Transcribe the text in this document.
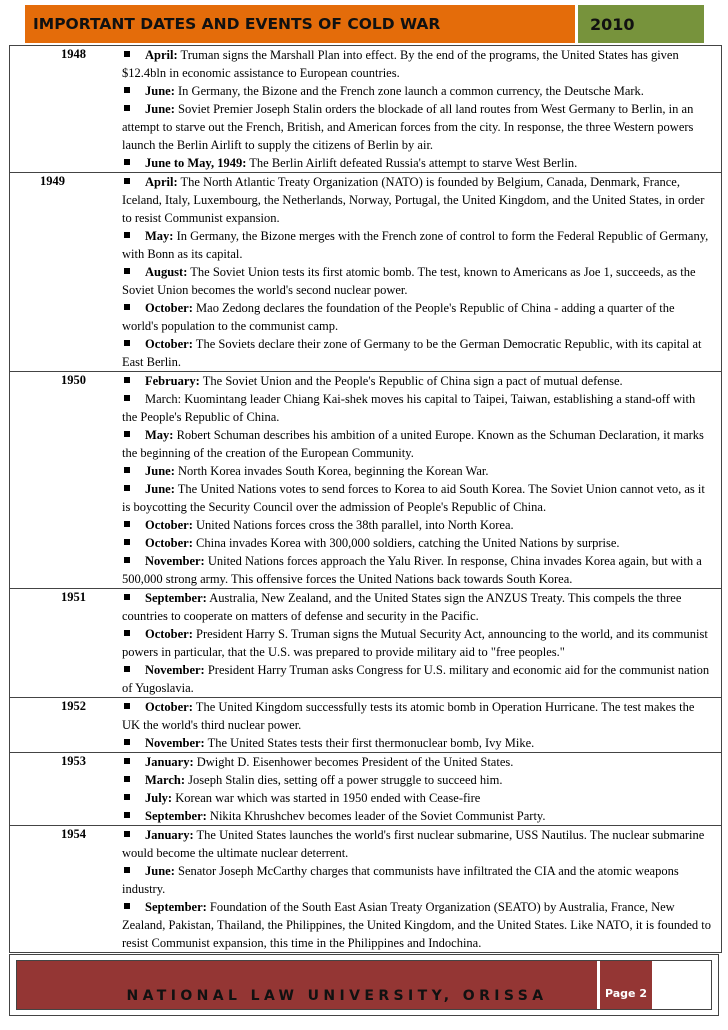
IMPORTANT DATES AND EVENTS OF COLD WAR	2010
1948	April: Truman signs the Marshall Plan into effect. By the end of the programs, the United States has given $12.4bln in economic assistance to European countries.
June: In Germany, the Bizone and the French zone launch a common currency, the Deutsche Mark.
June: Soviet Premier Joseph Stalin orders the blockade of all land routes from West Germany to Berlin, in an attempt to starve out the French, British, and American forces from the city. In response, the three Western powers launch the Berlin Airlift to supply the citizens of Berlin by air.
June to May, 1949: The Berlin Airlift defeated Russia's attempt to starve West Berlin.
1949	April: The North Atlantic Treaty Organization (NATO) is founded by Belgium, Canada, Denmark, France, Iceland, Italy, Luxembourg, the Netherlands, Norway, Portugal, the United Kingdom, and the United States, in order to resist Communist expansion.
May: In Germany, the Bizone merges with the French zone of control to form the Federal Republic of Germany, with Bonn as its capital.
August: The Soviet Union tests its first atomic bomb. The test, known to Americans as Joe 1, succeeds, as the Soviet Union becomes the world's second nuclear power.
October: Mao Zedong declares the foundation of the People's Republic of China - adding a quarter of the world's population to the communist camp.
October: The Soviets declare their zone of Germany to be the German Democratic Republic, with its capital at East Berlin.
1950	February: The Soviet Union and the People's Republic of China sign a pact of mutual defense.
March: Kuomintang leader Chiang Kai-shek moves his capital to Taipei, Taiwan, establishing a stand-off with the People's Republic of China.
May: Robert Schuman describes his ambition of a united Europe. Known as the Schuman Declaration, it marks the beginning of the creation of the European Community.
June: North Korea invades South Korea, beginning the Korean War.
June: The United Nations votes to send forces to Korea to aid South Korea. The Soviet Union cannot veto, as it is boycotting the Security Council over the admission of People's Republic of China.
October: United Nations forces cross the 38th parallel, into North Korea.
October: China invades Korea with 300,000 soldiers, catching the United Nations by surprise.
November: United Nations forces approach the Yalu River. In response, China invades Korea again, but with a 500,000 strong army. This offensive forces the United Nations back towards South Korea.
1951	September: Australia, New Zealand, and the United States sign the ANZUS Treaty. This compels the three countries to cooperate on matters of defense and security in the Pacific.
October: President Harry S. Truman signs the Mutual Security Act, announcing to the world, and its communist powers in particular, that the U.S. was prepared to provide military aid to "free peoples."
November: President Harry Truman asks Congress for U.S. military and economic aid for the communist nation of Yugoslavia.
1952	October: The United Kingdom successfully tests its atomic bomb in Operation Hurricane. The test makes the UK the world's third nuclear power.
November: The United States tests their first thermonuclear bomb, Ivy Mike.
1953	January: Dwight D. Eisenhower becomes President of the United States.
March: Joseph Stalin dies, setting off a power struggle to succeed him.
July: Korean war which was started in 1950 ended with Cease-fire
September: Nikita Khrushchev becomes leader of the Soviet Communist Party.
1954	January: The United States launches the world's first nuclear submarine, USS Nautilus. The nuclear submarine would become the ultimate nuclear deterrent.
June: Senator Joseph McCarthy charges that communists have infiltrated the CIA and the atomic weapons industry.
September: Foundation of the South East Asian Treaty Organization (SEATO) by Australia, France, New Zealand, Pakistan, Thailand, the Philippines, the United Kingdom, and the United States. Like NATO, it is founded to resist Communist expansion, this time in the Philippines and Indochina.
NATIONAL LAW UNIVERSITY, ORISSA	Page 2
